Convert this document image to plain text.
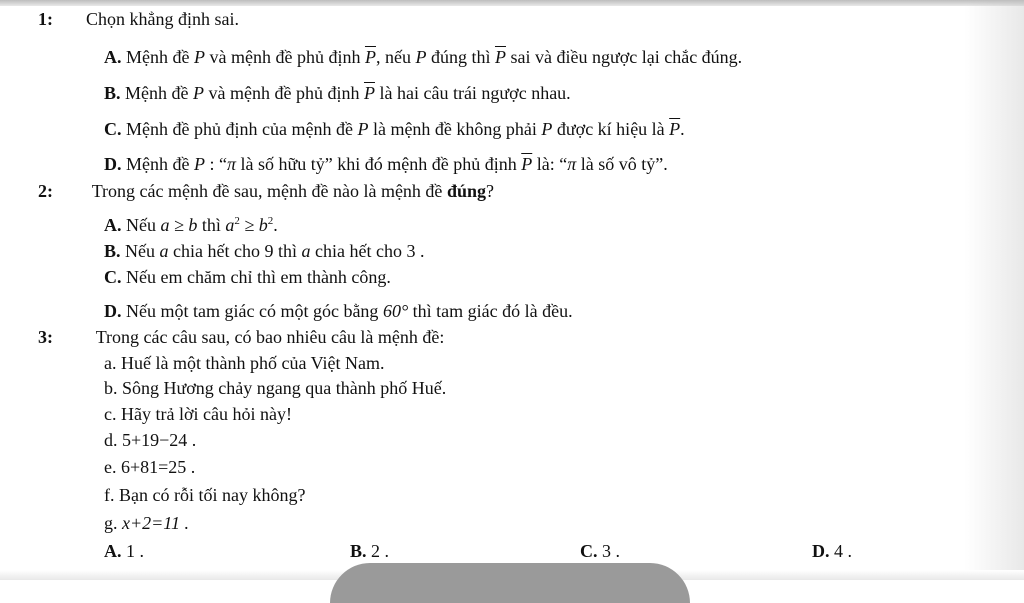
1: Chọn khẳng định sai.
A. Mệnh đề P và mệnh đề phủ định $\overline{P}$, nếu P đúng thì $\overline{P}$ sai và điều ngược lại chắc đúng.
B. Mệnh đề P và mệnh đề phủ định $\overline{P}$ là hai câu trái ngược nhau.
C. Mệnh đề phủ định của mệnh đề P là mệnh đề không phải P được kí hiệu là $\overline{P}$.
D. Mệnh đề P : “π là số hữu tỷ” khi đó mệnh đề phủ định $\overline{P}$ là: “π là số vô tỷ”.
2: Trong các mệnh đề sau, mệnh đề nào là mệnh đề đúng?
A. Nếu a ≥ b thì $a^2 \ge b^2$.
B. Nếu a chia hết cho 9 thì a chia hết cho 3 .
C. Nếu em chăm chỉ thì em thành công.
D. Nếu một tam giác có một góc bằng 60° thì tam giác đó là đều.
3: Trong các câu sau, có bao nhiêu câu là mệnh đề:
a. Huế là một thành phố của Việt Nam.
b. Sông Hương chảy ngang qua thành phố Huế.
c. Hãy trả lời câu hỏi này!
d. 5+19−24 .
e. 6+81=25 .
f. Bạn có rỗi tối nay không?
g. x+2=11 .
A. 1 .	B. 2 .	C. 3 .	D. 4 .
